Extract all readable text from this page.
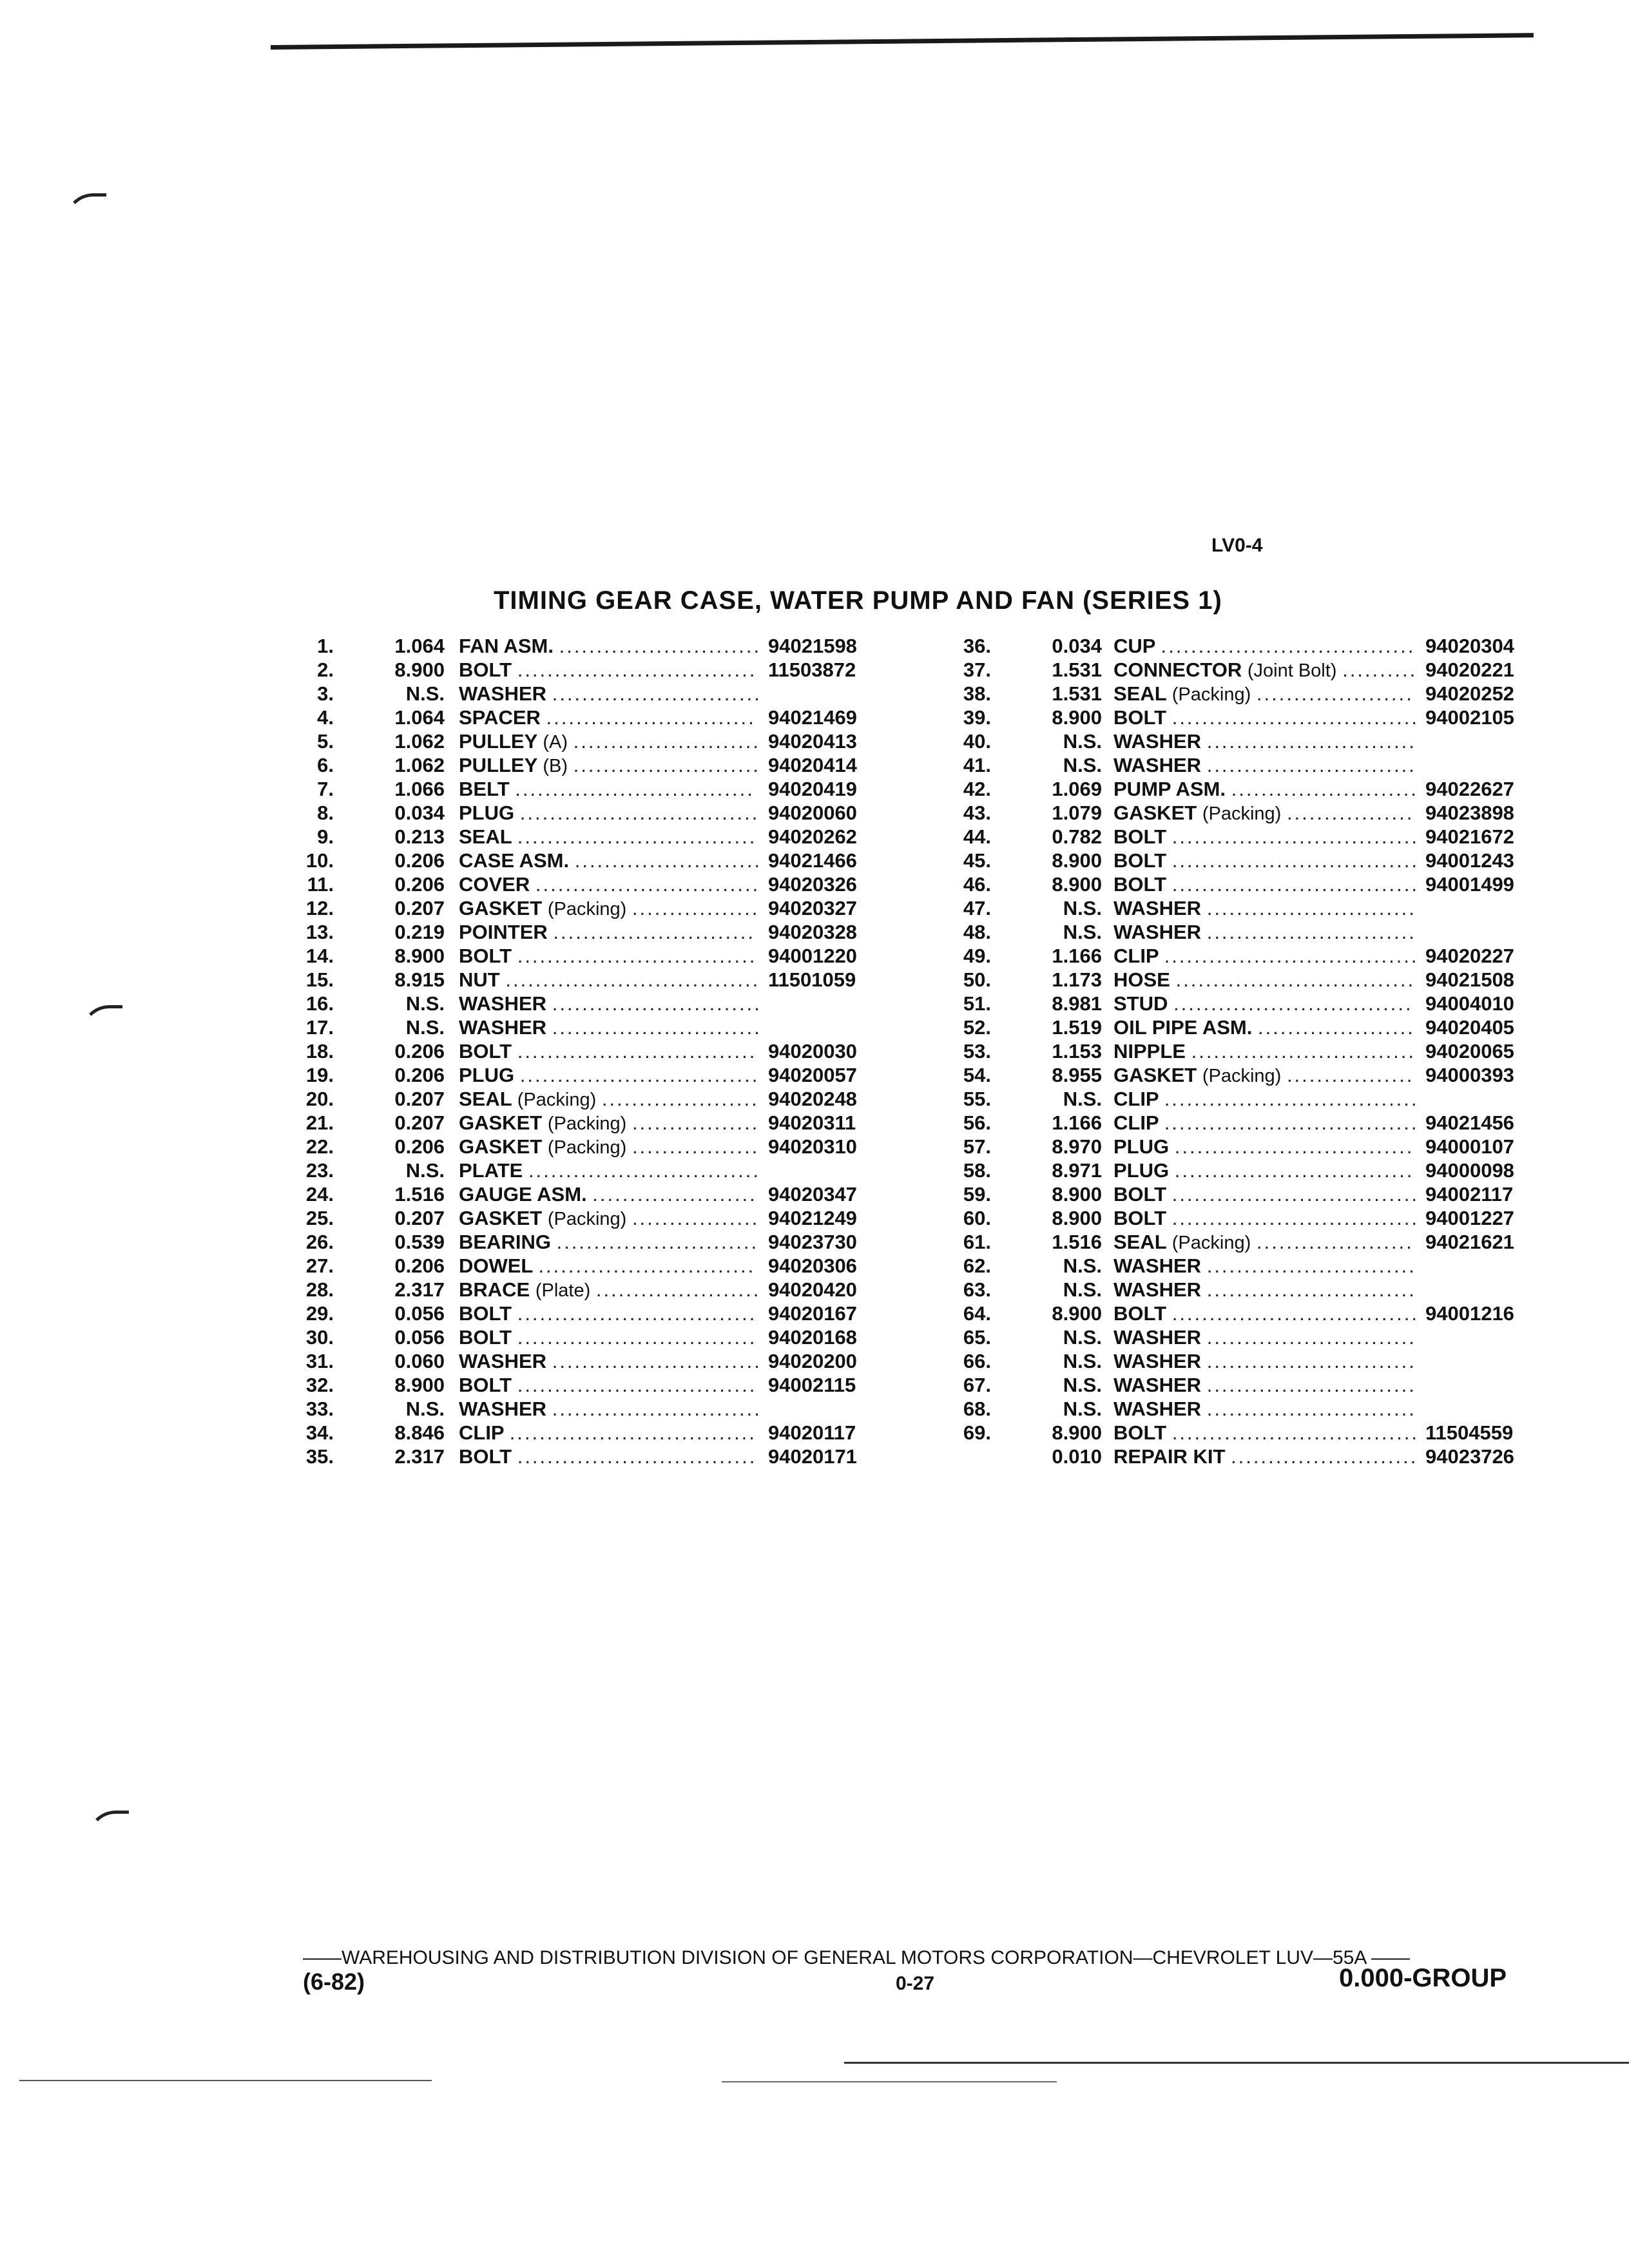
LV0-4
TIMING GEAR CASE, WATER PUMP AND FAN (SERIES 1)
1.	1.064 FAN ASM. ........................... 94021598
2.	8.900 BOLT ................................ 11503872
3.	N.S. WASHER ............................
4.	1.064 SPACER ............................ 94021469
5.	1.062 PULLEY (A) ......................... 94020413
6.	1.062 PULLEY (B) ......................... 94020414
7.	1.066 BELT ................................ 94020419
8.	0.034 PLUG ................................ 94020060
9.	0.213 SEAL ................................ 94020262
10.	0.206 CASE ASM. ......................... 94021466
11.	0.206 COVER .............................. 94020326
12.	0.207 GASKET (Packing) ................. 94020327
13.	0.219 POINTER ........................... 94020328
14.	8.900 BOLT ................................ 94001220
15.	8.915 NUT .................................. 11501059
16.	N.S. WASHER ............................
17.	N.S. WASHER ............................
18.	0.206 BOLT ................................ 94020030
19.	0.206 PLUG ................................ 94020057
20.	0.207 SEAL (Packing) ..................... 94020248
21.	0.207 GASKET (Packing) ................. 94020311
22.	0.206 GASKET (Packing) ................. 94020310
23.	N.S. PLATE ...............................
24.	1.516 GAUGE ASM. ...................... 94020347
25.	0.207 GASKET (Packing) ................. 94021249
26.	0.539 BEARING ........................... 94023730
27.	0.206 DOWEL ............................. 94020306
28.	2.317 BRACE (Plate) ...................... 94020420
29.	0.056 BOLT ................................ 94020167
30.	0.056 BOLT ................................ 94020168
31.	0.060 WASHER ............................ 94020200
32.	8.900 BOLT ................................ 94002115
33.	N.S. WASHER ............................
34.	8.846 CLIP ................................. 94020117
35.	2.317 BOLT ................................ 94020171
36.	0.034 CUP .................................. 94020304
37.	1.531 CONNECTOR (Joint Bolt) .......... 94020221
38.	1.531 SEAL (Packing) ..................... 94020252
39.	8.900 BOLT ................................. 94002105
40.	N.S. WASHER ............................
41.	N.S. WASHER ............................
42.	1.069 PUMP ASM. ......................... 94022627
43.	1.079 GASKET (Packing) ................. 94023898
44.	0.782 BOLT ................................. 94021672
45.	8.900 BOLT ................................. 94001243
46.	8.900 BOLT ................................. 94001499
47.	N.S. WASHER ............................
48.	N.S. WASHER ............................
49.	1.166 CLIP .................................. 94020227
50.	1.173 HOSE ................................ 94021508
51.	8.981 STUD ................................ 94004010
52.	1.519 OIL PIPE ASM. ..................... 94020405
53.	1.153 NIPPLE .............................. 94020065
54.	8.955 GASKET (Packing) ................. 94000393
55.	N.S. CLIP ..................................
56.	1.166 CLIP .................................. 94021456
57.	8.970 PLUG ................................ 94000107
58.	8.971 PLUG ................................ 94000098
59.	8.900 BOLT ................................. 94002117
60.	8.900 BOLT ................................. 94001227
61.	1.516 SEAL (Packing) ..................... 94021621
62.	N.S. WASHER ............................
63.	N.S. WASHER ............................
64.	8.900 BOLT ................................. 94001216
65.	N.S. WASHER ............................
66.	N.S. WASHER ............................
67.	N.S. WASHER ............................
68.	N.S. WASHER ............................
69.	8.900 BOLT ................................. 11504559
0.010 REPAIR KIT ......................... 94023726
——WAREHOUSING AND DISTRIBUTION DIVISION OF GENERAL MOTORS CORPORATION—CHEVROLET LUV—55A ——
(6-82)	0-27	0.000-GROUP
